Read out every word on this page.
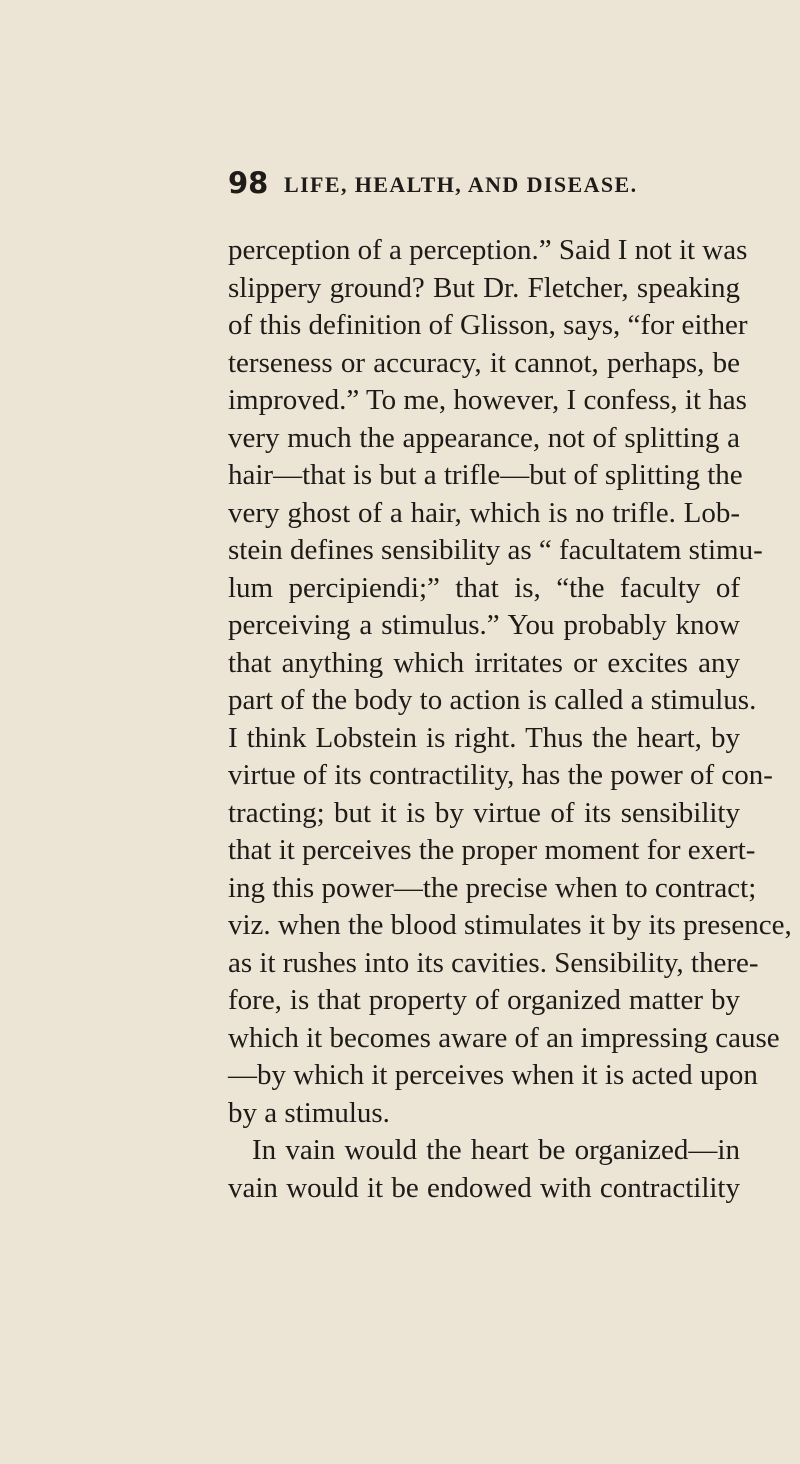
98 LIFE, HEALTH, AND DISEASE.
perception of a perception.” Said I not it was
slippery ground? But Dr. Fletcher, speaking
of this definition of Glisson, says, “for either
terseness or accuracy, it cannot, perhaps, be
improved.” To me, however, I confess, it has
very much the appearance, not of splitting a
hair—that is but a trifle—but of splitting the
very ghost of a hair, which is no trifle. Lob-
stein defines sensibility as “ facultatem stimu-
lum percipiendi;” that is, “the faculty of
perceiving a stimulus.” You probably know
that anything which irritates or excites any
part of the body to action is called a stimulus.
I think Lobstein is right. Thus the heart, by
virtue of its contractility, has the power of con-
tracting; but it is by virtue of its sensibility
that it perceives the proper moment for exert-
ing this power—the precise when to contract;
viz. when the blood stimulates it by its presence,
as it rushes into its cavities. Sensibility, there-
fore, is that property of organized matter by
which it becomes aware of an impressing cause
—by which it perceives when it is acted upon
by a stimulus.
In vain would the heart be organized—in
vain would it be endowed with contractility
